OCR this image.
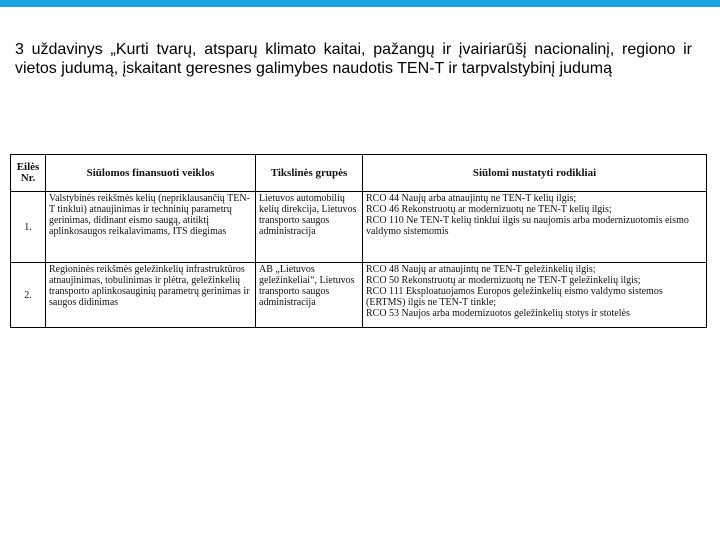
3 uždavinys „Kurti tvarų, atsparų klimato kaitai, pažangų ir įvairiarūšį nacionalinį, regiono ir vietos judumą, įskaitant geresnes galimybes naudotis TEN-T ir tarpvalstybinį judumą
Eilės Nr.	Siūlomos finansuoti veiklos	Tikslinės grupės	Siūlomi nustatyti rodikliai
1.	Valstybinės reikšmės kelių (nepriklausančių TEN-T tinklui) atnaujinimas ir techninių parametrų gerinimas, didinant eismo saugą, atitiktį aplinkosaugos reikalavimams, ITS diegimas	Lietuvos automobilių kelių direkcija, Lietuvos transporto saugos administracija	RCO 44 Naujų arba atnaujintų ne TEN-T kelių ilgis;
RCO 46 Rekonstruotų ar modernizuotų ne TEN-T kelių ilgis;
RCO 110 Ne TEN-T kelių tinklui ilgis su naujomis arba modernizuotomis eismo valdymo sistemomis

2.	Regioninės reikšmės geležinkelių infrastruktūros atnaujinimas, tobulinimas ir plėtra, geležinkelių transporto aplinkosauginių parametrų gerinimas ir saugos didinimas	AB „Lietuvos geležinkeliai“, Lietuvos transporto saugos administracija	RCO 48 Naujų ar atnaujintų ne TEN-T geležinkelių ilgis;
RCO 50 Rekonstruotų ar modernizuotų ne TEN-T geležinkelių ilgis;
RCO 111 Eksploatuojamos Europos geležinkelių eismo valdymo sistemos (ERTMS) ilgis ne TEN-T tinkle;
RCO 53 Naujos arba modernizuotos geležinkelių stotys ir stotelės
